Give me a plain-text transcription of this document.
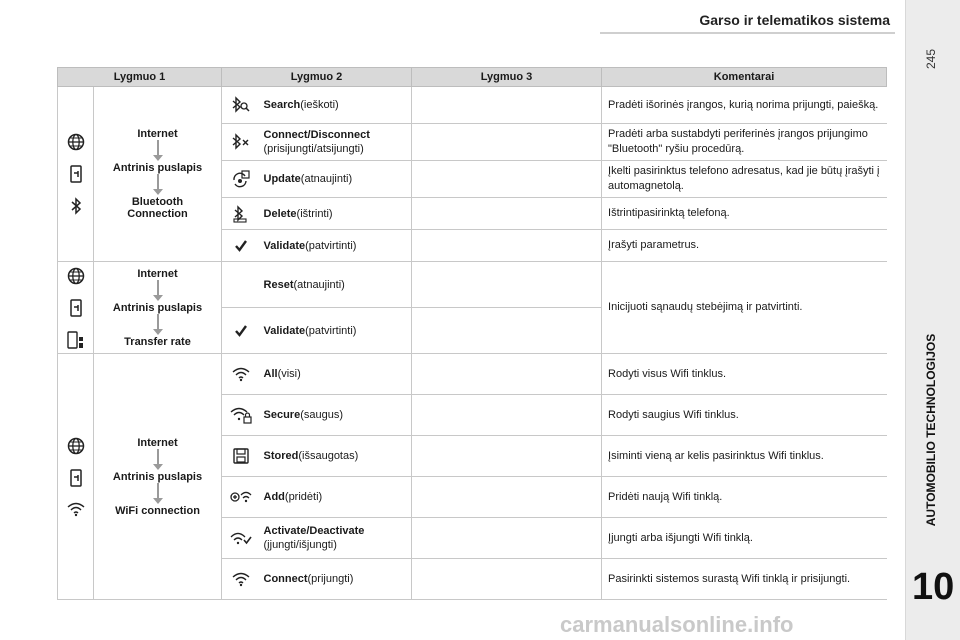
Garso ir telematikos sistema
245
AUTOMOBILIO TECHNOLOGIJOS
10
Lygmuo 1		Lygmuo 2		Lygmuo 3	Komentarai

Internet
Antrinis puslapis
Bluetooth Connection		Search(ieškoti)		Pradėti išorinės įrangos, kurią norima prijungti, paiešką.

	Connect/Disconnect
(prisijungti/atsijungti)		Pradėti arba sustabdyti periferinės įrangos prijungimo "Bluetooth" ryšiu procedūrą.

	Update(atnaujinti)		Įkelti pasirinktus telefono adresatus, kad jie būtų įrašyti į automagnetolą.

	Delete(ištrinti)		Ištrintipasirinktą telefoną.

	Validate(patvirtinti)		Įrašyti parametrus.

Internet
Antrinis puslapis
Transfer rate		Reset(atnaujinti)		Inicijuoti sąnaudų stebėjimą ir patvirtinti.

	Validate(patvirtinti)		

Internet
Antrinis puslapis
WiFi connection		All(visi)		Rodyti visus Wifi tinklus.

	Secure(saugus)		Rodyti saugius Wifi tinklus.

	Stored(išsaugotas)		Įsiminti vieną ar kelis pasirinktus Wifi tinklus.

	Add(pridėti)		Pridėti naują Wifi tinklą.

	Activate/Deactivate
(įjungti/išjungti)		Įjungti arba išjungti Wifi tinklą.

	Connect(prijungti)		Pasirinkti sistemos surastą Wifi tinklą ir prisijungti.
carmanualsonline.info
